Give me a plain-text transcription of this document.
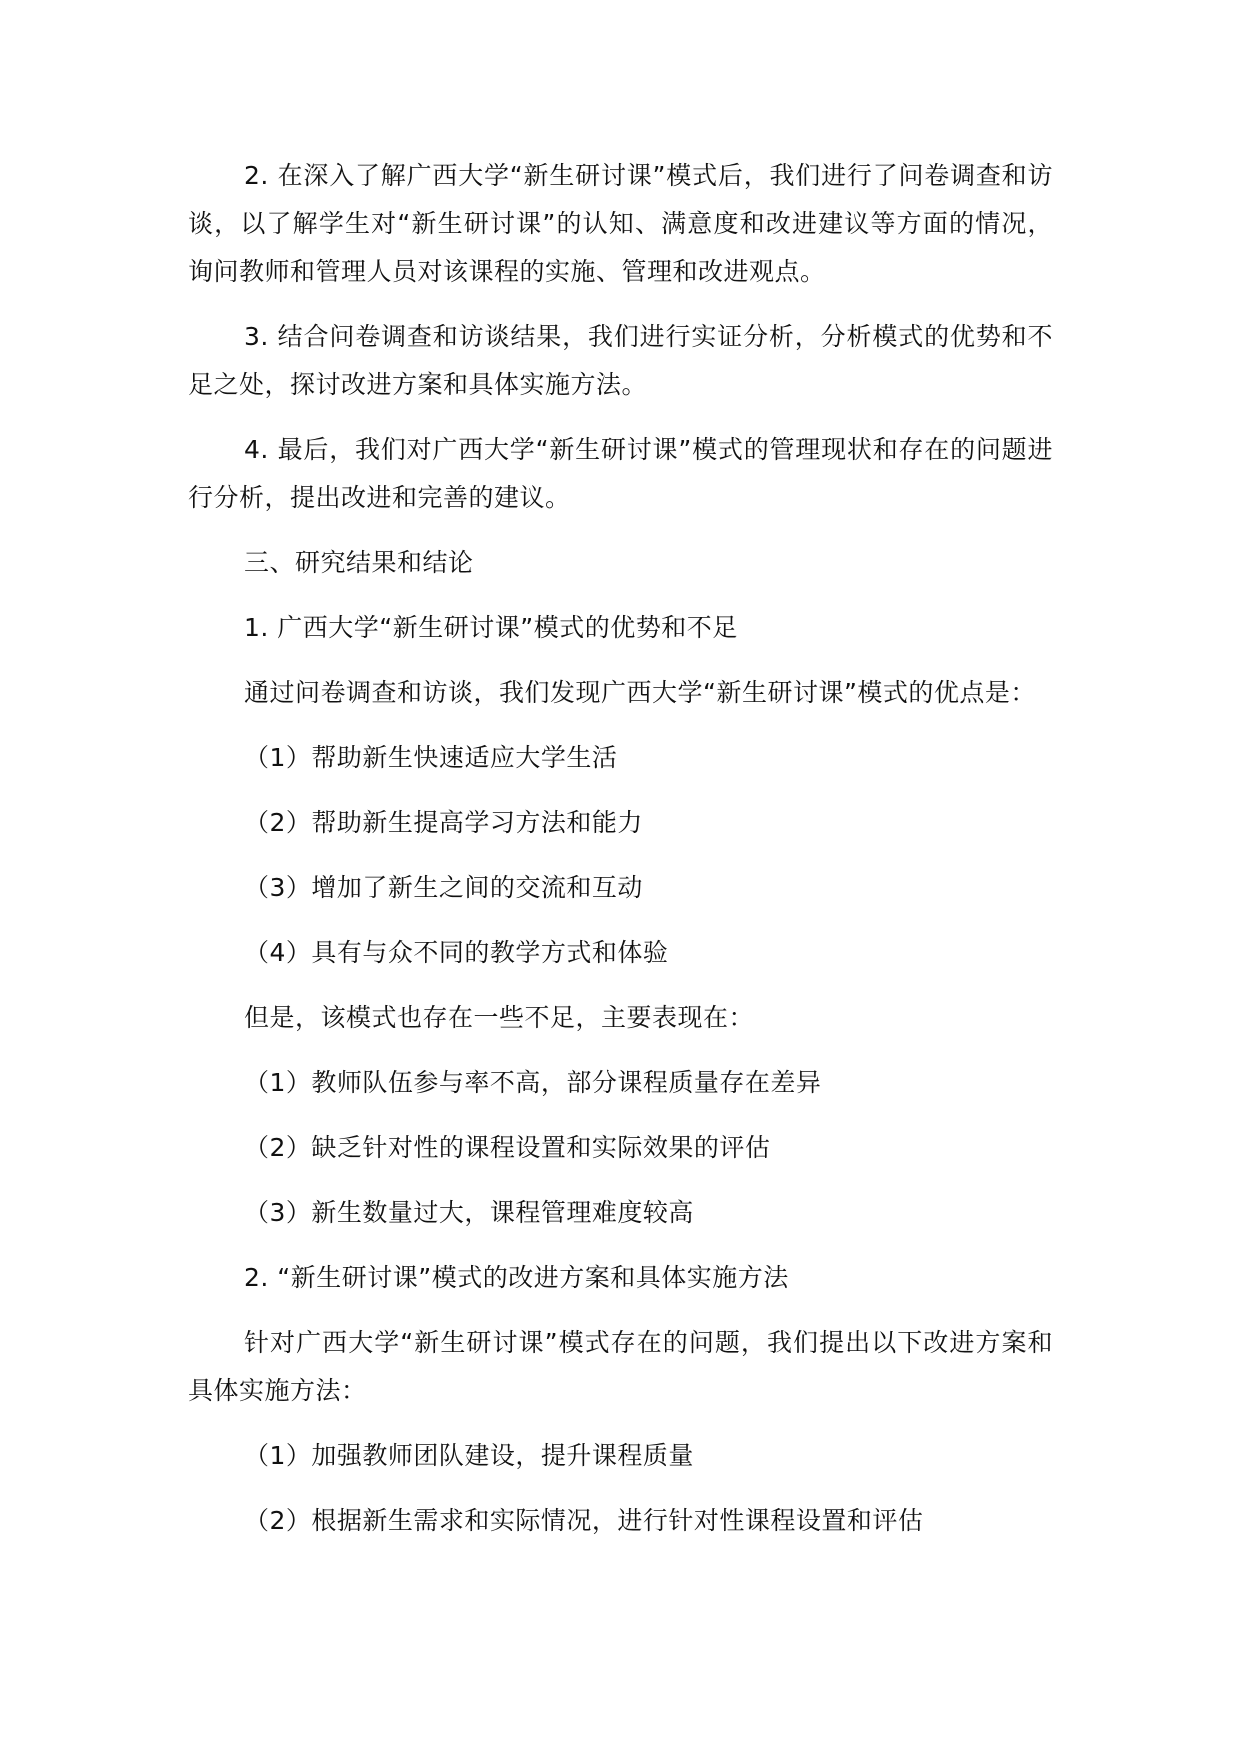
2. 在深入了解广西大学“新生研讨课”模式后，我们进行了问卷调查和访谈，以了解学生对“新生研讨课”的认知、满意度和改进建议等方面的情况，询问教师和管理人员对该课程的实施、管理和改进观点。

3. 结合问卷调查和访谈结果，我们进行实证分析，分析模式的优势和不足之处，探讨改进方案和具体实施方法。

4. 最后，我们对广西大学“新生研讨课”模式的管理现状和存在的问题进行分析，提出改进和完善的建议。

三、研究结果和结论

1. 广西大学“新生研讨课”模式的优势和不足

通过问卷调查和访谈，我们发现广西大学“新生研讨课”模式的优点是：

（1）帮助新生快速适应大学生活

（2）帮助新生提高学习方法和能力

（3）增加了新生之间的交流和互动

（4）具有与众不同的教学方式和体验

但是，该模式也存在一些不足，主要表现在：

（1）教师队伍参与率不高，部分课程质量存在差异

（2）缺乏针对性的课程设置和实际效果的评估

（3）新生数量过大，课程管理难度较高

2. “新生研讨课”模式的改进方案和具体实施方法

针对广西大学“新生研讨课”模式存在的问题，我们提出以下改进方案和具体实施方法：

（1）加强教师团队建设，提升课程质量

（2）根据新生需求和实际情况，进行针对性课程设置和评估
